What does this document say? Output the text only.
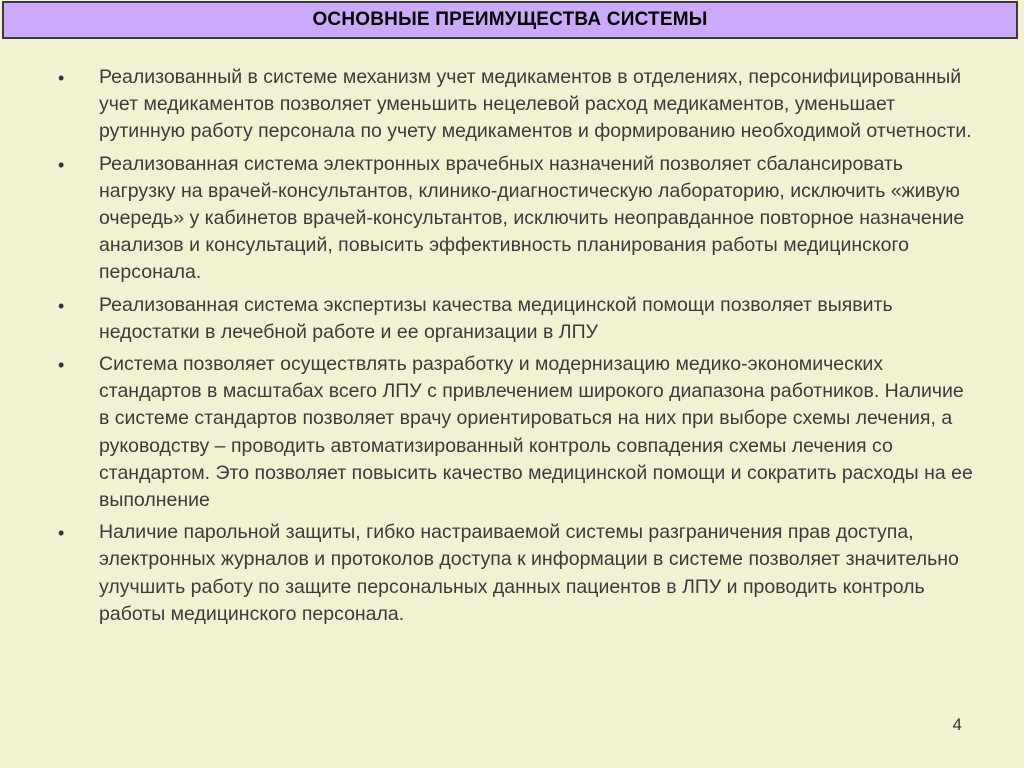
ОСНОВНЫЕ ПРЕИМУЩЕСТВА СИСТЕМЫ
•	Реализованный в системе механизм учет медикаментов в отделениях, персонифицированный учет медикаментов позволяет уменьшить нецелевой расход медикаментов, уменьшает рутинную работу персонала по учету медикаментов и формированию необходимой отчетности.
•	Реализованная система электронных врачебных назначений позволяет сбалансировать нагрузку на врачей-консультантов, клинико-диагностическую лабораторию, исключить «живую очередь» у кабинетов врачей-консультантов, исключить неоправданное повторное назначение анализов и консультаций, повысить эффективность планирования работы медицинского персонала.
•	Реализованная система экспертизы качества медицинской помощи позволяет выявить недостатки в лечебной работе и ее организации в ЛПУ
•	Система позволяет осуществлять разработку и модернизацию медико-экономических стандартов в масштабах всего ЛПУ с привлечением широкого диапазона работников. Наличие в системе стандартов позволяет врачу ориентироваться на них при выборе схемы лечения, а руководству – проводить автоматизированный контроль совпадения схемы лечения со стандартом. Это позволяет повысить качество медицинской помощи и сократить расходы на ее выполнение
•	Наличие парольной защиты, гибко настраиваемой системы разграничения прав доступа, электронных журналов и протоколов доступа к информации в системе позволяет значительно улучшить работу по защите персональных данных пациентов в ЛПУ и проводить контроль работы медицинского персонала.
4
